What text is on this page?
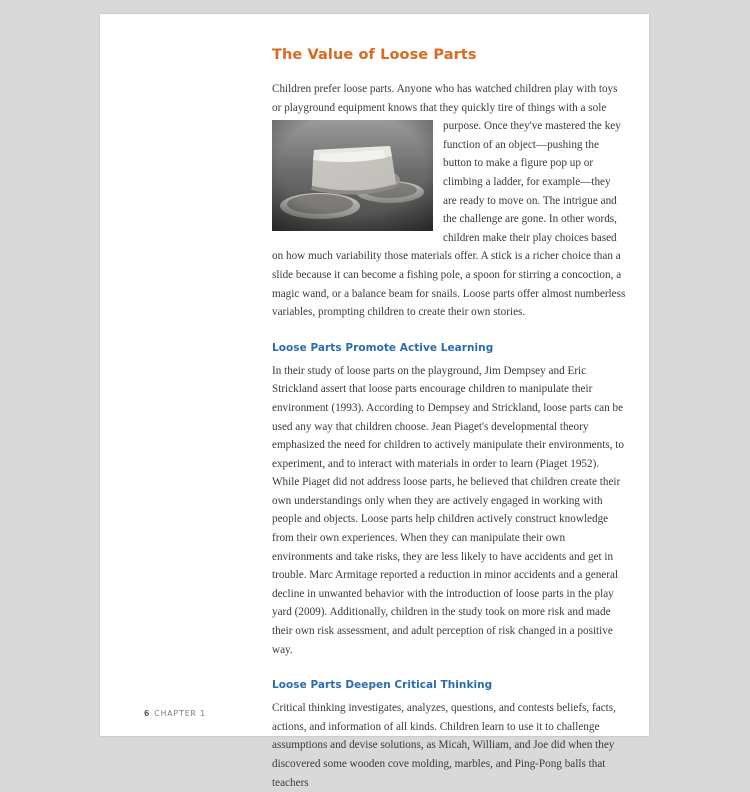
The Value of Loose Parts

Children prefer loose parts. Anyone who has watched children play with toys or playground equipment knows that they quickly tire of things with a sole

purpose. Once they've mastered the key function of an object—pushing the button to make a figure pop up or climbing a ladder, for example—they are ready to move on. The intrigue and the challenge are gone. In other words, children make their play choices based on how much variability those materials offer. A stick is a richer choice than a slide because it can become a fishing pole, a spoon for stirring a concoction, a magic wand, or a balance beam for snails. Loose parts offer almost numberless variables, prompting children to create their own stories.

Loose Parts Promote Active Learning

In their study of loose parts on the playground, Jim Dempsey and Eric Strickland assert that loose parts encourage children to manipulate their environment (1993). According to Dempsey and Strickland, loose parts can be used any way that children choose. Jean Piaget's developmental theory emphasized the need for children to actively manipulate their environments, to experiment, and to interact with materials in order to learn (Piaget 1952). While Piaget did not address loose parts, he believed that children create their own understandings only when they are actively engaged in working with people and objects. Loose parts help children actively construct knowledge from their own experiences. When they can manipulate their own environments and take risks, they are less likely to have accidents and get in trouble. Marc Armitage reported a reduction in minor accidents and a general decline in unwanted behavior with the introduction of loose parts in the play yard (2009). Additionally, children in the study took on more risk and made their own risk assessment, and adult perception of risk changed in a positive way.

Loose Parts Deepen Critical Thinking

Critical thinking investigates, analyzes, questions, and contests beliefs, facts, actions, and information of all kinds. Children learn to use it to challenge assumptions and devise solutions, as Micah, William, and Joe did when they discovered some wooden cove molding, marbles, and Ping-Pong balls that teachers

6 CHAPTER 1
